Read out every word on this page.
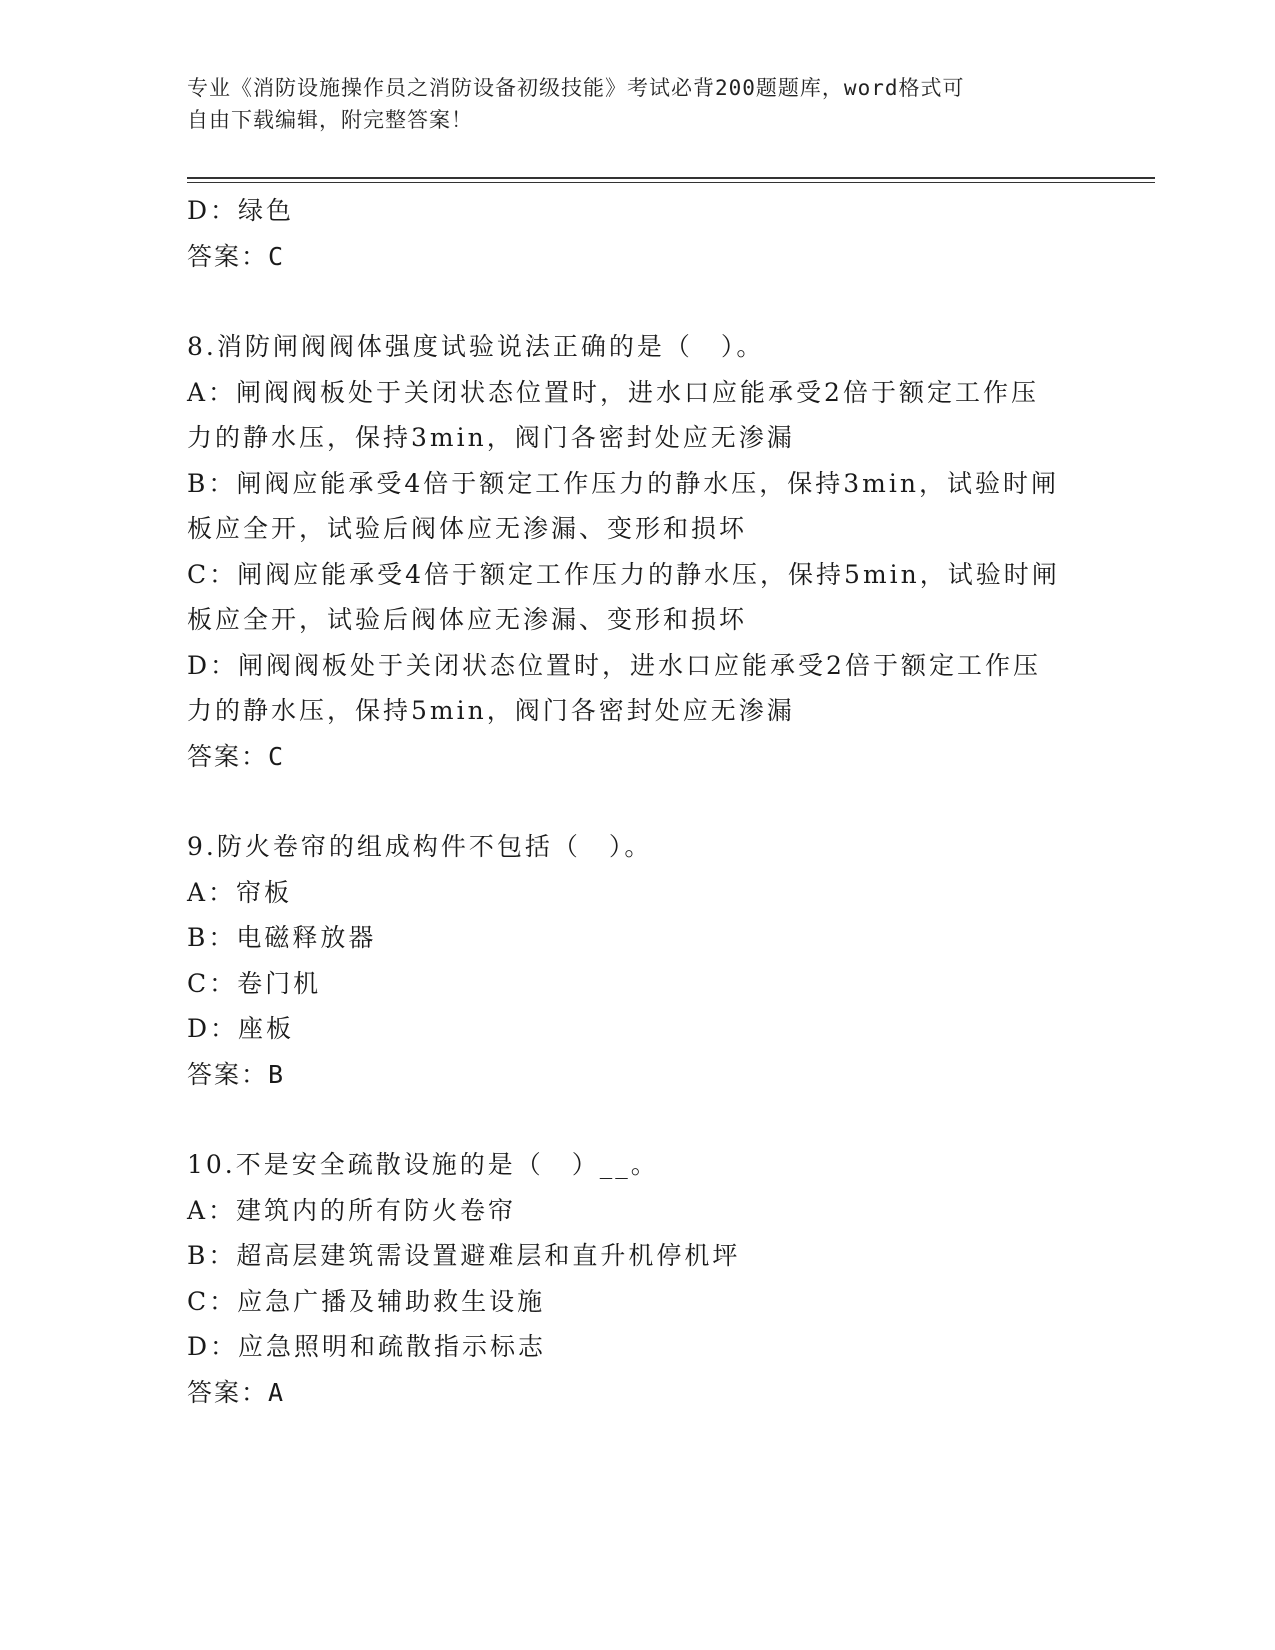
专业《消防设施操作员之消防设备初级技能》考试必背200题题库，word格式可
自由下载编辑，附完整答案！
D：绿色
答案：C
8.消防闸阀阀体强度试验说法正确的是（　）。
A：闸阀阀板处于关闭状态位置时，进水口应能承受2倍于额定工作压
力的静水压，保持3min，阀门各密封处应无渗漏
B：闸阀应能承受4倍于额定工作压力的静水压，保持3min，试验时闸
板应全开，试验后阀体应无渗漏、变形和损坏
C：闸阀应能承受4倍于额定工作压力的静水压，保持5min，试验时闸
板应全开，试验后阀体应无渗漏、变形和损坏
D：闸阀阀板处于关闭状态位置时，进水口应能承受2倍于额定工作压
力的静水压，保持5min，阀门各密封处应无渗漏
答案：C
9.防火卷帘的组成构件不包括（　）。
A：帘板
B：电磁释放器
C：卷门机
D：座板
答案：B
10.不是安全疏散设施的是（　）__。
A：建筑内的所有防火卷帘
B：超高层建筑需设置避难层和直升机停机坪
C：应急广播及辅助救生设施
D：应急照明和疏散指示标志
答案：A
